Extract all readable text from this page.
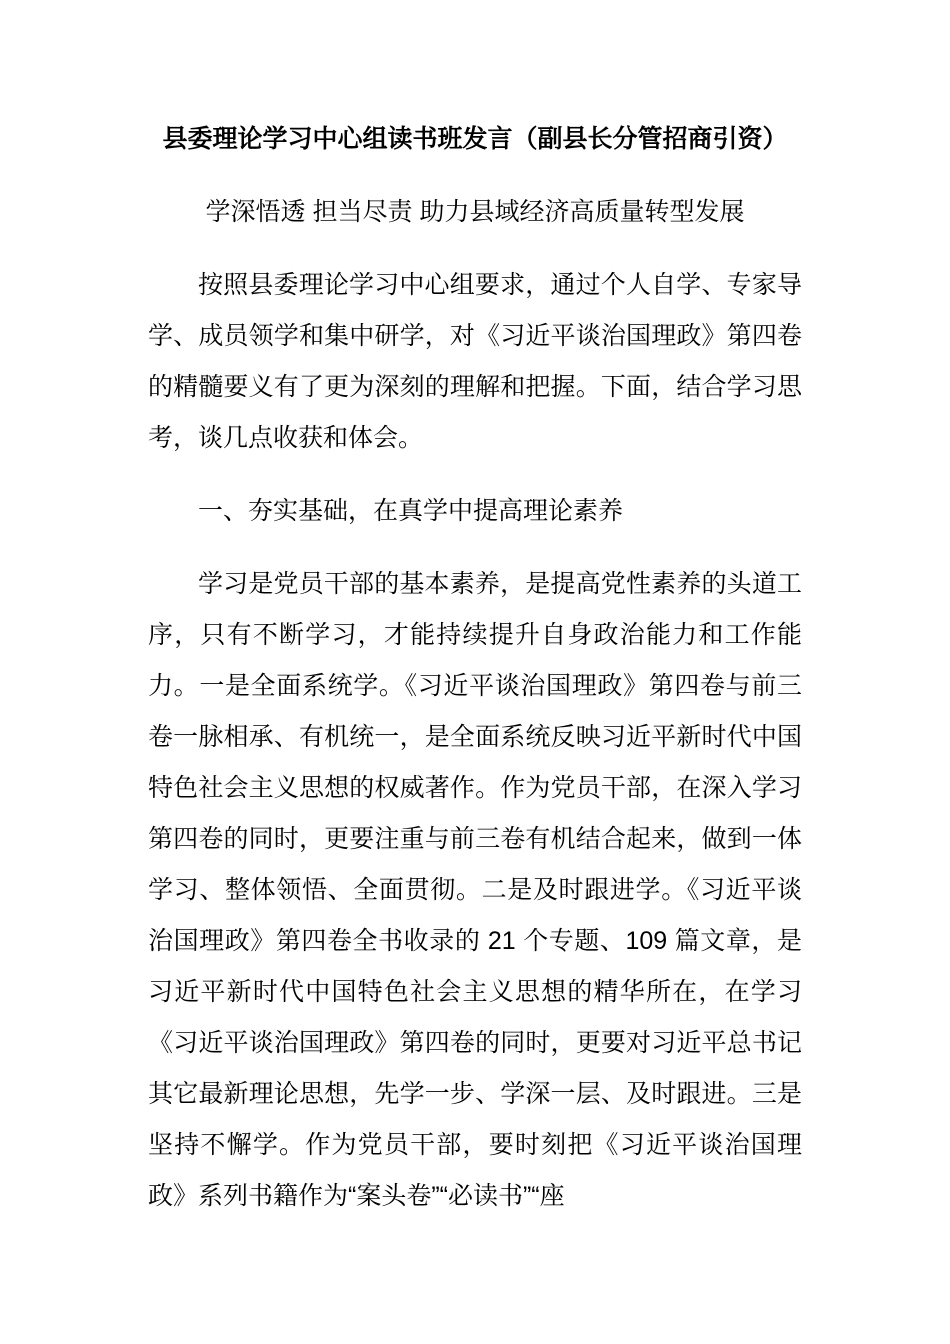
县委理论学习中心组读书班发言（副县长分管招商引资）
学深悟透 担当尽责 助力县域经济高质量转型发展

按照县委理论学习中心组要求，通过个人自学、专家导学、成员领学和集中研学，对《习近平谈治国理政》第四卷的精髓要义有了更为深刻的理解和把握。下面，结合学习思考，谈几点收获和体会。

一、夯实基础，在真学中提高理论素养

学习是党员干部的基本素养，是提高党性素养的头道工序，只有不断学习，才能持续提升自身政治能力和工作能力。一是全面系统学。《习近平谈治国理政》第四卷与前三卷一脉相承、有机统一，是全面系统反映习近平新时代中国特色社会主义思想的权威著作。作为党员干部，在深入学习第四卷的同时，更要注重与前三卷有机结合起来，做到一体学习、整体领悟、全面贯彻。二是及时跟进学。《习近平谈治国理政》第四卷全书收录的 21 个专题、109 篇文章，是习近平新时代中国特色社会主义思想的精华所在，在学习《习近平谈治国理政》第四卷的同时，更要对习近平总书记其它最新理论思想，先学一步、学深一层、及时跟进。三是坚持不懈学。作为党员干部，要时刻把《习近平谈治国理政》系列书籍作为“案头卷”“必读书”“座
